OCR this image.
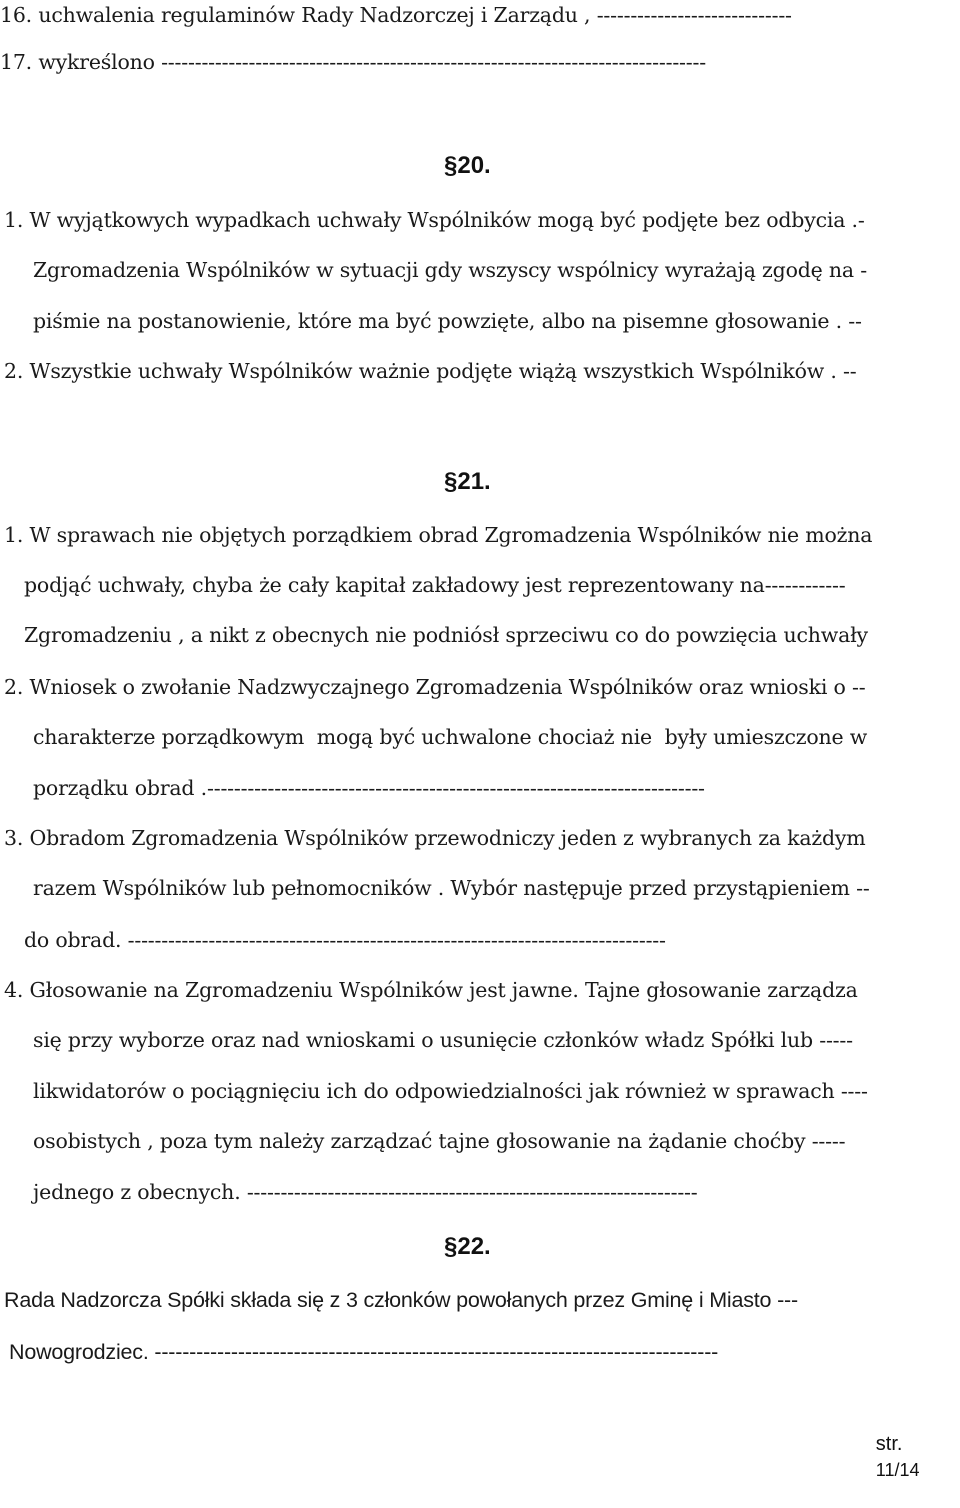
16. uchwalenia regulaminów Rady Nadzorczej i Zarządu , -----------------------------
17. wykreślono ---------------------------------------------------------------------------------
§20.
1. W wyjątkowych wypadkach uchwały Wspólników mogą być podjęte bez odbycia .-
Zgromadzenia Wspólników w sytuacji gdy wszyscy wspólnicy wyrażają zgodę na -
piśmie na postanowienie, które ma być powzięte, albo na pisemne głosowanie . --
2. Wszystkie uchwały Wspólników ważnie podjęte wiążą wszystkich Wspólników . --
§21.
1. W sprawach nie objętych porządkiem obrad Zgromadzenia Wspólników nie można
podjąć uchwały, chyba że cały kapitał zakładowy jest reprezentowany na------------
Zgromadzeniu , a nikt z obecnych nie podniósł sprzeciwu co do powzięcia uchwały
2. Wniosek o zwołanie Nadzwyczajnego Zgromadzenia Wspólników oraz wnioski o --
charakterze porządkowym  mogą być uchwalone chociaż nie  były umieszczone w
porządku obrad .--------------------------------------------------------------------------
3. Obradom Zgromadzenia Wspólników przewodniczy jeden z wybranych za każdym
razem Wspólników lub pełnomocników . Wybór następuje przed przystąpieniem --
do obrad. --------------------------------------------------------------------------------
4. Głosowanie na Zgromadzeniu Wspólników jest jawne. Tajne głosowanie zarządza
się przy wyborze oraz nad wnioskami o usunięcie członków władz Spółki lub -----
likwidatorów o pociągnięciu ich do odpowiedzialności jak również w sprawach ----
osobistych , poza tym należy zarządzać tajne głosowanie na żądanie choćby -----
jednego z obecnych. -------------------------------------------------------------------
§22.
Rada Nadzorcza Spółki składa się z 3 członków powołanych przez Gminę i Miasto ---
Nowogrodziec. ---------------------------------------------------------------------------------

str.
11/14
